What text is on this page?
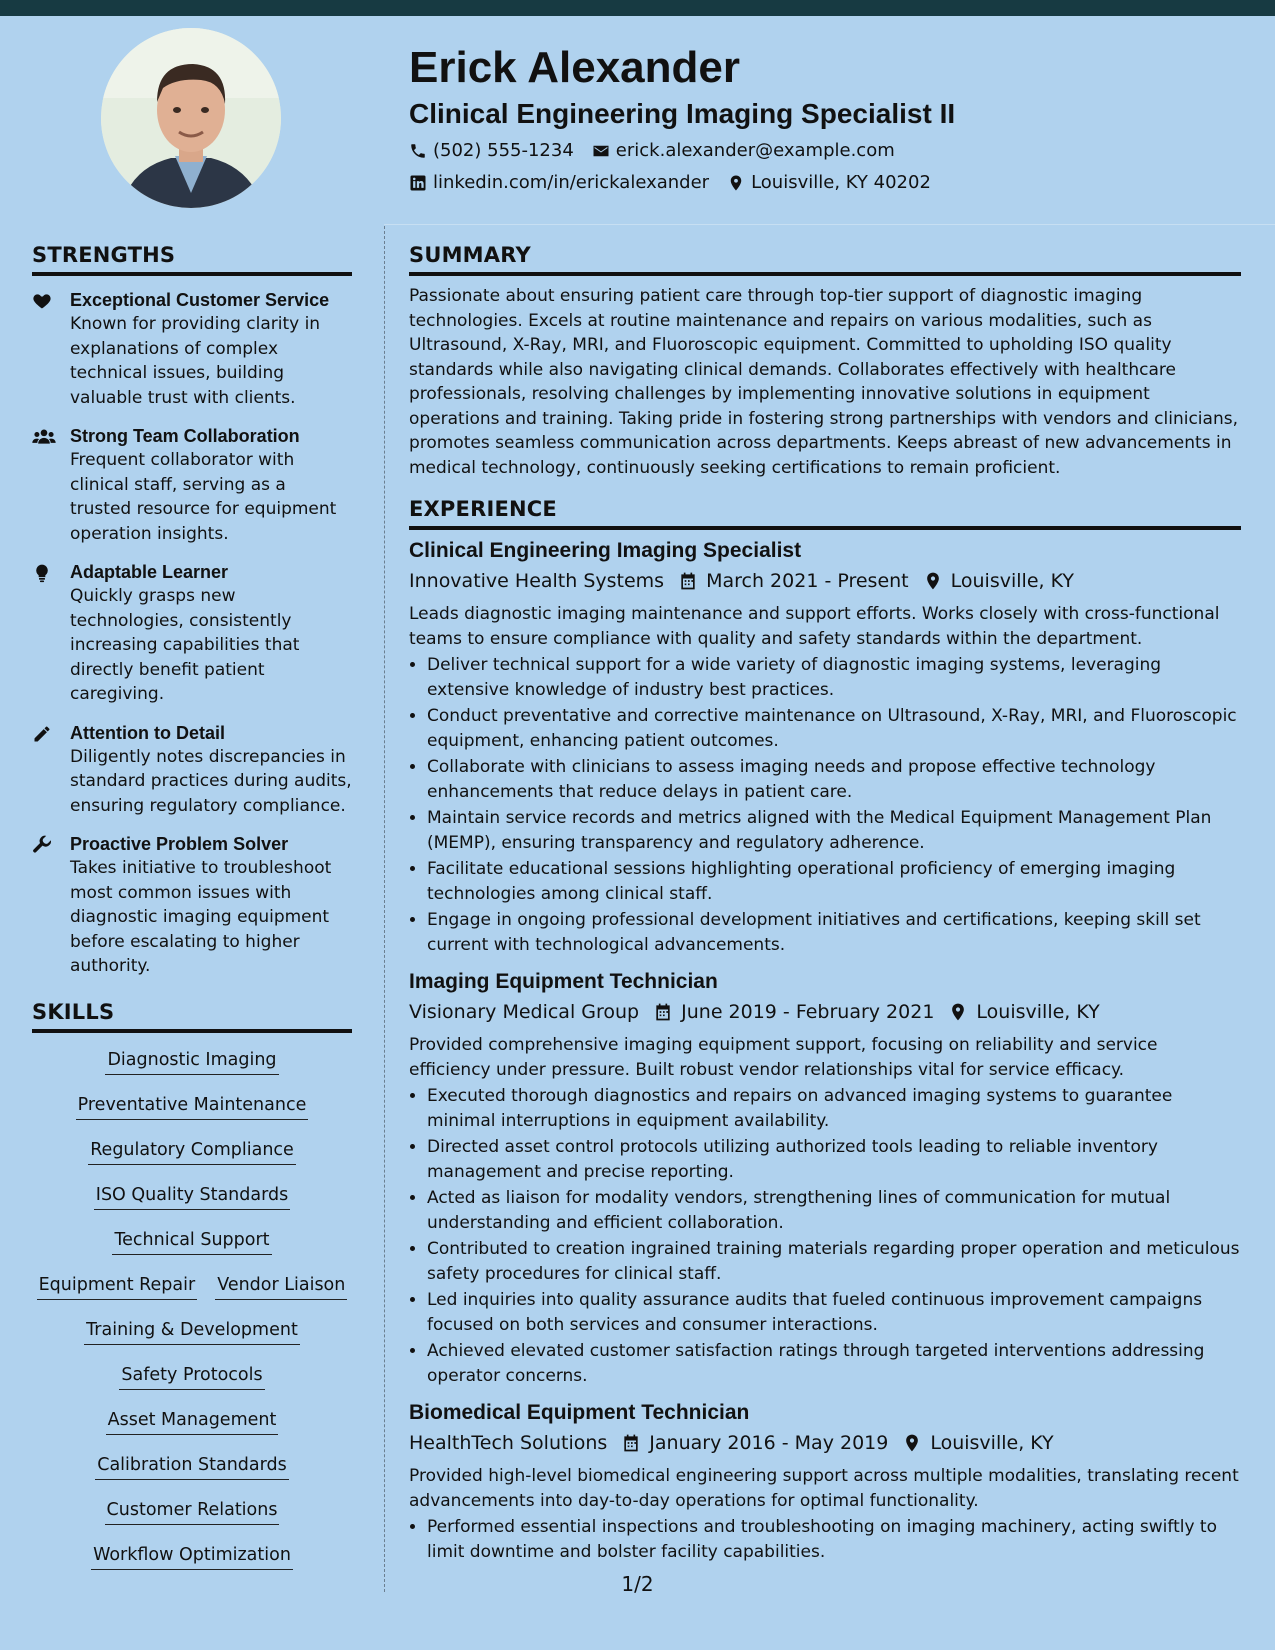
Erick Alexander
Clinical Engineering Imaging Specialist II
(502) 555-1234 erick.alexander@example.com
linkedin.com/in/erickalexander Louisville, KY 40202
STRENGTHS
Exceptional Customer Service
Known for providing clarity in explanations of complex technical issues, building valuable trust with clients.
Strong Team Collaboration
Frequent collaborator with clinical staff, serving as a trusted resource for equipment operation insights.
Adaptable Learner
Quickly grasps new technologies, consistently increasing capabilities that directly benefit patient caregiving.
Attention to Detail
Diligently notes discrepancies in standard practices during audits, ensuring regulatory compliance.
Proactive Problem Solver
Takes initiative to troubleshoot most common issues with diagnostic imaging equipment before escalating to higher authority.
SKILLS
Diagnostic Imaging
Preventative Maintenance
Regulatory Compliance
ISO Quality Standards
Technical Support
Equipment Repair Vendor Liaison
Training & Development
Safety Protocols
Asset Management
Calibration Standards
Customer Relations
Workflow Optimization
SUMMARY

Passionate about ensuring patient care through top-tier support of diagnostic imaging technologies. Excels at routine maintenance and repairs on various modalities, such as Ultrasound, X-Ray, MRI, and Fluoroscopic equipment. Committed to upholding ISO quality standards while also navigating clinical demands. Collaborates effectively with healthcare professionals, resolving challenges by implementing innovative solutions in equipment operations and training. Taking pride in fostering strong partnerships with vendors and clinicians, promotes seamless communication across departments. Keeps abreast of new advancements in medical technology, continuously seeking certifications to remain proficient.

EXPERIENCE
Clinical Engineering Imaging Specialist
Innovative Health Systems March 2021 - Present Louisville, KY

Leads diagnostic imaging maintenance and support efforts. Works closely with cross-functional teams to ensure compliance with quality and safety standards within the department.

• Deliver technical support for a wide variety of diagnostic imaging systems, leveraging extensive knowledge of industry best practices.
• Conduct preventative and corrective maintenance on Ultrasound, X-Ray, MRI, and Fluoroscopic equipment, enhancing patient outcomes.
• Collaborate with clinicians to assess imaging needs and propose effective technology enhancements that reduce delays in patient care.
• Maintain service records and metrics aligned with the Medical Equipment Management Plan (MEMP), ensuring transparency and regulatory adherence.
• Facilitate educational sessions highlighting operational proficiency of emerging imaging technologies among clinical staff.
• Engage in ongoing professional development initiatives and certifications, keeping skill set current with technological advancements.
Imaging Equipment Technician
Visionary Medical Group June 2019 - February 2021 Louisville, KY

Provided comprehensive imaging equipment support, focusing on reliability and service efficiency under pressure. Built robust vendor relationships vital for service efficacy.

• Executed thorough diagnostics and repairs on advanced imaging systems to guarantee minimal interruptions in equipment availability.
• Directed asset control protocols utilizing authorized tools leading to reliable inventory management and precise reporting.
• Acted as liaison for modality vendors, strengthening lines of communication for mutual understanding and efficient collaboration.
• Contributed to creation ingrained training materials regarding proper operation and meticulous safety procedures for clinical staff.
• Led inquiries into quality assurance audits that fueled continuous improvement campaigns focused on both services and consumer interactions.
• Achieved elevated customer satisfaction ratings through targeted interventions addressing operator concerns.
Biomedical Equipment Technician
HealthTech Solutions January 2016 - May 2019 Louisville, KY

Provided high-level biomedical engineering support across multiple modalities, translating recent advancements into day-to-day operations for optimal functionality.

• Performed essential inspections and troubleshooting on imaging machinery, acting swiftly to limit downtime and bolster facility capabilities.
1/2
